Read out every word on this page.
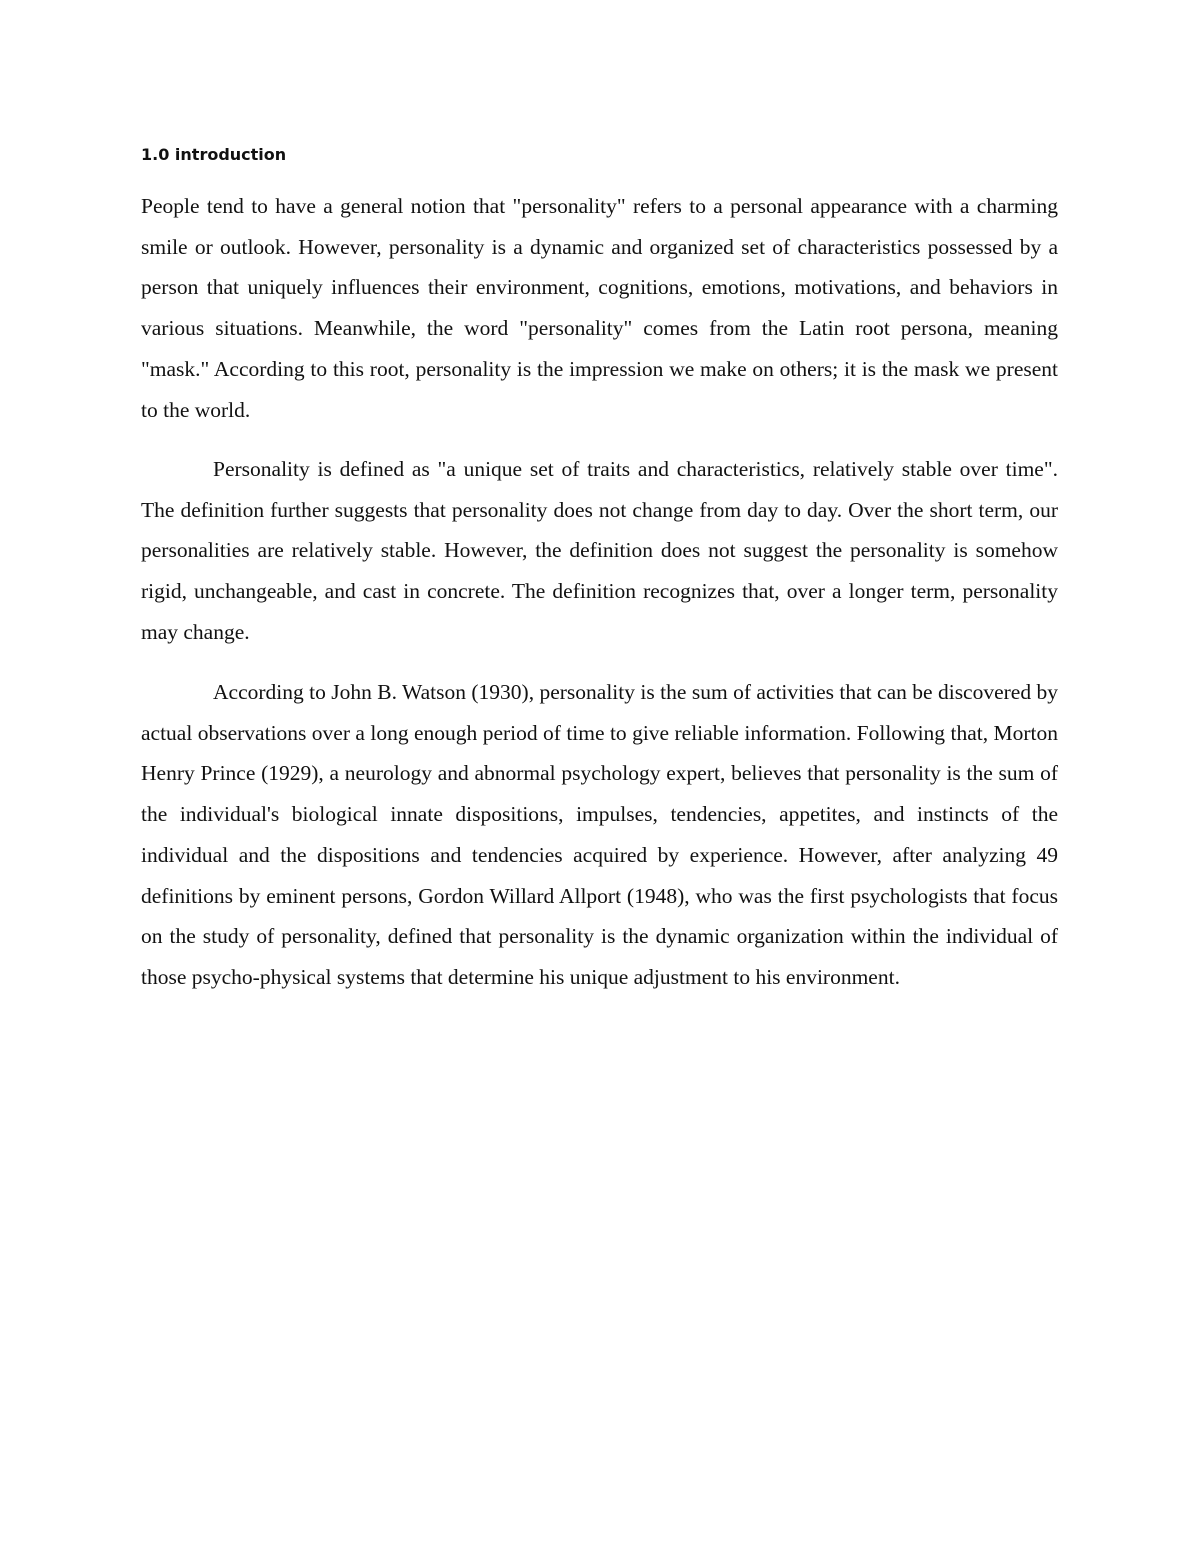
1.0 introduction

People tend to have a general notion that "personality" refers to a personal appearance with a charming smile or outlook. However, personality is a dynamic and organized set of characteristics possessed by a person that uniquely influences their environment, cognitions, emotions, motivations, and behaviors in various situations. Meanwhile, the word "personality" comes from the Latin root persona, meaning "mask." According to this root, personality is the impression we make on others; it is the mask we present to the world.

Personality is defined as "a unique set of traits and characteristics, relatively stable over time". The definition further suggests that personality does not change from day to day. Over the short term, our personalities are relatively stable. However, the definition does not suggest the personality is somehow rigid, unchangeable, and cast in concrete. The definition recognizes that, over a longer term, personality may change.

According to John B. Watson (1930), personality is the sum of activities that can be discovered by actual observations over a long enough period of time to give reliable information. Following that, Morton Henry Prince (1929), a neurology and abnormal psychology expert, believes that personality is the sum of the individual's biological innate dispositions, impulses, tendencies, appetites, and instincts of the individual and the dispositions and tendencies acquired by experience. However, after analyzing 49 definitions by eminent persons, Gordon Willard Allport (1948), who was the first psychologists that focus on the study of personality, defined that personality is the dynamic organization within the individual of those psycho-physical systems that determine his unique adjustment to his environment.
